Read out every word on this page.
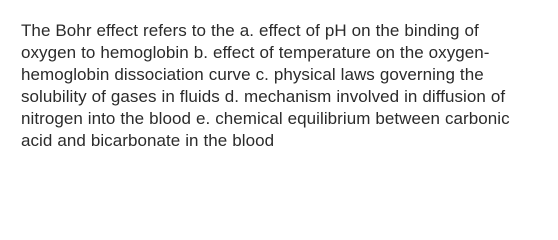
The Bohr effect refers to the a. effect of pH on the binding of
oxygen to hemoglobin b. effect of temperature on the oxygen-
hemoglobin dissociation curve c. physical laws governing the
solubility of gases in fluids d. mechanism involved in diffusion of
nitrogen into the blood e. chemical equilibrium between carbonic
acid and bicarbonate in the blood
